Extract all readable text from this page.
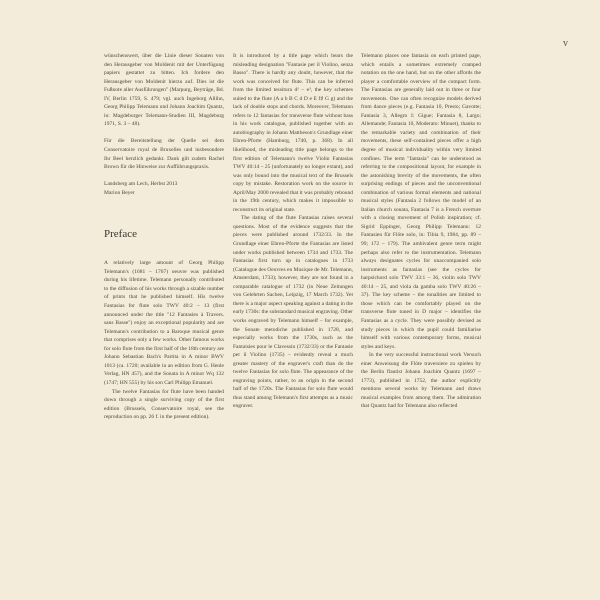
v

wünschenswert, über die Linie dieser Sonaten von den Herausgeber von Moldenit mit der Unterfügung papiers gestattet zu bitten. Ich fordere den Herausgeber von Moldenit hierzu auf. Dies ist die Fußnote aller Ausführungen" (Marpurg, Beyträge, Bd. IV, Berlin 1759, S. 479; vgl. auch Ingeborg Allihn, Georg Philipp Telemann und Johann Joachim Quantz, in: Magdeburger Telemann-Studien III, Magdeburg 1971, S. 3 – 48).

Für die Bereitstellung der Quelle sei dem Conservatoire royal de Bruxelles und insbesondere Ihr Beel herzlich gedankt. Dank gilt zudem Rachel Brown für die Hinweise zur Aufführungspraxis.

Landsberg am Lech, Herbst 2013

Marion Beyer

Preface

A relatively large amount of Georg Philipp Telemann's (1681 – 1767) oeuvre was published during his lifetime. Telemann personally contributed to the diffusion of his works through a sizable number of prints that he published himself. His twelve Fantasias for flute solo TWV 40:2 – 13 (first announced under the title "12 Fantasies à Travers. sans Basse") enjoy an exceptional popularity and are Telemann's contribution to a Baroque musical genre that comprises only a few works. Other famous works for solo flute from the first half of the 18th century are Johann Sebastian Bach's Partita in A minor BWV 1013 (ca. 1720; available in an edition from G. Henle Verlag, HN 457), and the Sonata in A minor Wq 132 (1747; HN 555) by his son Carl Philipp Emanuel.

The twelve Fantasias for flute have been handed down through a single surviving copy of the first edition (Brussels, Conservatoire royal, see the reproduction on pp. 26 f. in the present edition).

It is introduced by a title page which bears the misleading designation "Fantasie per il Violino, senza Basso". There is hardly any doubt, however, that the work was conceived for flute. This can be inferred from the limited tessitura d¹ – e³, the key schemes suited to the flute (A a b B C d D e E f♯ G g) and the lack of double stops and chords. Moreover, Telemann refers to 12 fantasias for transverse flute without bass in his work catalogue, published together with an autobiography in Johann Mattheson's Grundlage einer Ehren-Pforte (Hamburg, 1740, p. 368). In all likelihood, the misleading title page belongs to the first edition of Telemann's twelve Violin Fantasias TWV 40:14 – 25 (unfortunately no longer extant), and was only bound into the musical text of the Brussels copy by mistake. Restoration work on the source in April/May 2000 revealed that it was probably rebound in the 19th century, which makes it impossible to reconstruct its original state.

The dating of the flute Fantasias raises several questions. Most of the evidence suggests that the pieces were published around 1732/33. In the Grundlage einer Ehren-Pforte the Fantasias are listed under works published between 1734 and 1733. The Fantasias first turn up in catalogues in 1733 (Catalogue des Oeuvres en Musique de Mr. Telemann, Amsterdam, 1733); however, they are not found in a comparable catalogue of 1732 (in Neue Zeitungen von Gelehrten Sachen, Leipzig, 17 March 1732). Yet there is a major aspect speaking against a dating in the early 1730s: the substandard musical engraving. Other works engraved by Telemann himself – for example, the Sonate metodiche published in 1728, and especially works from the 1730s, such as the Fantaisies pour le Clavessin (1732/33) or the Fantasie per il Violino (1735) – evidently reveal a much greater mastery of the engraver's craft than do the twelve Fantasias for solo flute. The appearance of the engraving points, rather, to an origin in the second half of the 1720s. The Fantasias for solo flute would thus stand among Telemann's first attempts as a music engraver.

Telemann places one fantasia on each printed page, which entails a sometimes extremely cramped notation on the one hand, but on the other affords the player a comfortable overview of the compact form. The Fantasias are generally laid out in three or four movements. One can often recognize models derived from dance pieces (e.g. Fantasia 10, Presto; Gavotte; Fantasia 3, Allegro I: Gigue; Fantasia 8, Largo; Allemande; Fantasia 10, Moderato: Minuet), thanks to the remarkable variety and combination of their movements, these self-contained pieces offer a high degree of musical individuality within very limited confines. The term "fantasia" can be understood as referring to the compositional layout, for example in the astonishing brevity of the movements, the often surprising endings of pieces and the unconventional combination of various formal elements and national musical styles (Fantasia 2 follows the model of an Italian church sonata, Fantasia 7 is a French overture with a closing movement of Polish inspiration; cf. Sigrid Eppinger, Georg Philipp Telemann: 12 Fantasien für Flöte solo, in: Tibia 9, 1984, pp. 89 – 99; 172 – 179). The ambivalent genre term might perhaps also refer to the instrumentation. Telemann always designates cycles for unaccompanied solo instruments as fantasias (see the cycles for harpsichord solo TWV 33:1 – 36, violin solo TWV 40:14 – 25, and viola da gamba solo TWV 40:26 – 37). The key scheme – the tonalities are limited to those which can be comfortably played on the transverse flute tuned in D major – identifies the Fantasias as a cycle. They were possibly devised as study pieces in which the pupil could familiarise himself with various contemporary forms, musical styles and keys.

In the very successful instructional work Versuch einer Anweisung die Flöte traversiere zu spielen by the Berlin flautist Johann Joachim Quantz (1697 – 1773), published in 1752, the author explicitly mentions several works by Telemann and draws musical examples from among them. The admiration that Quantz had for Telemann also reflected
